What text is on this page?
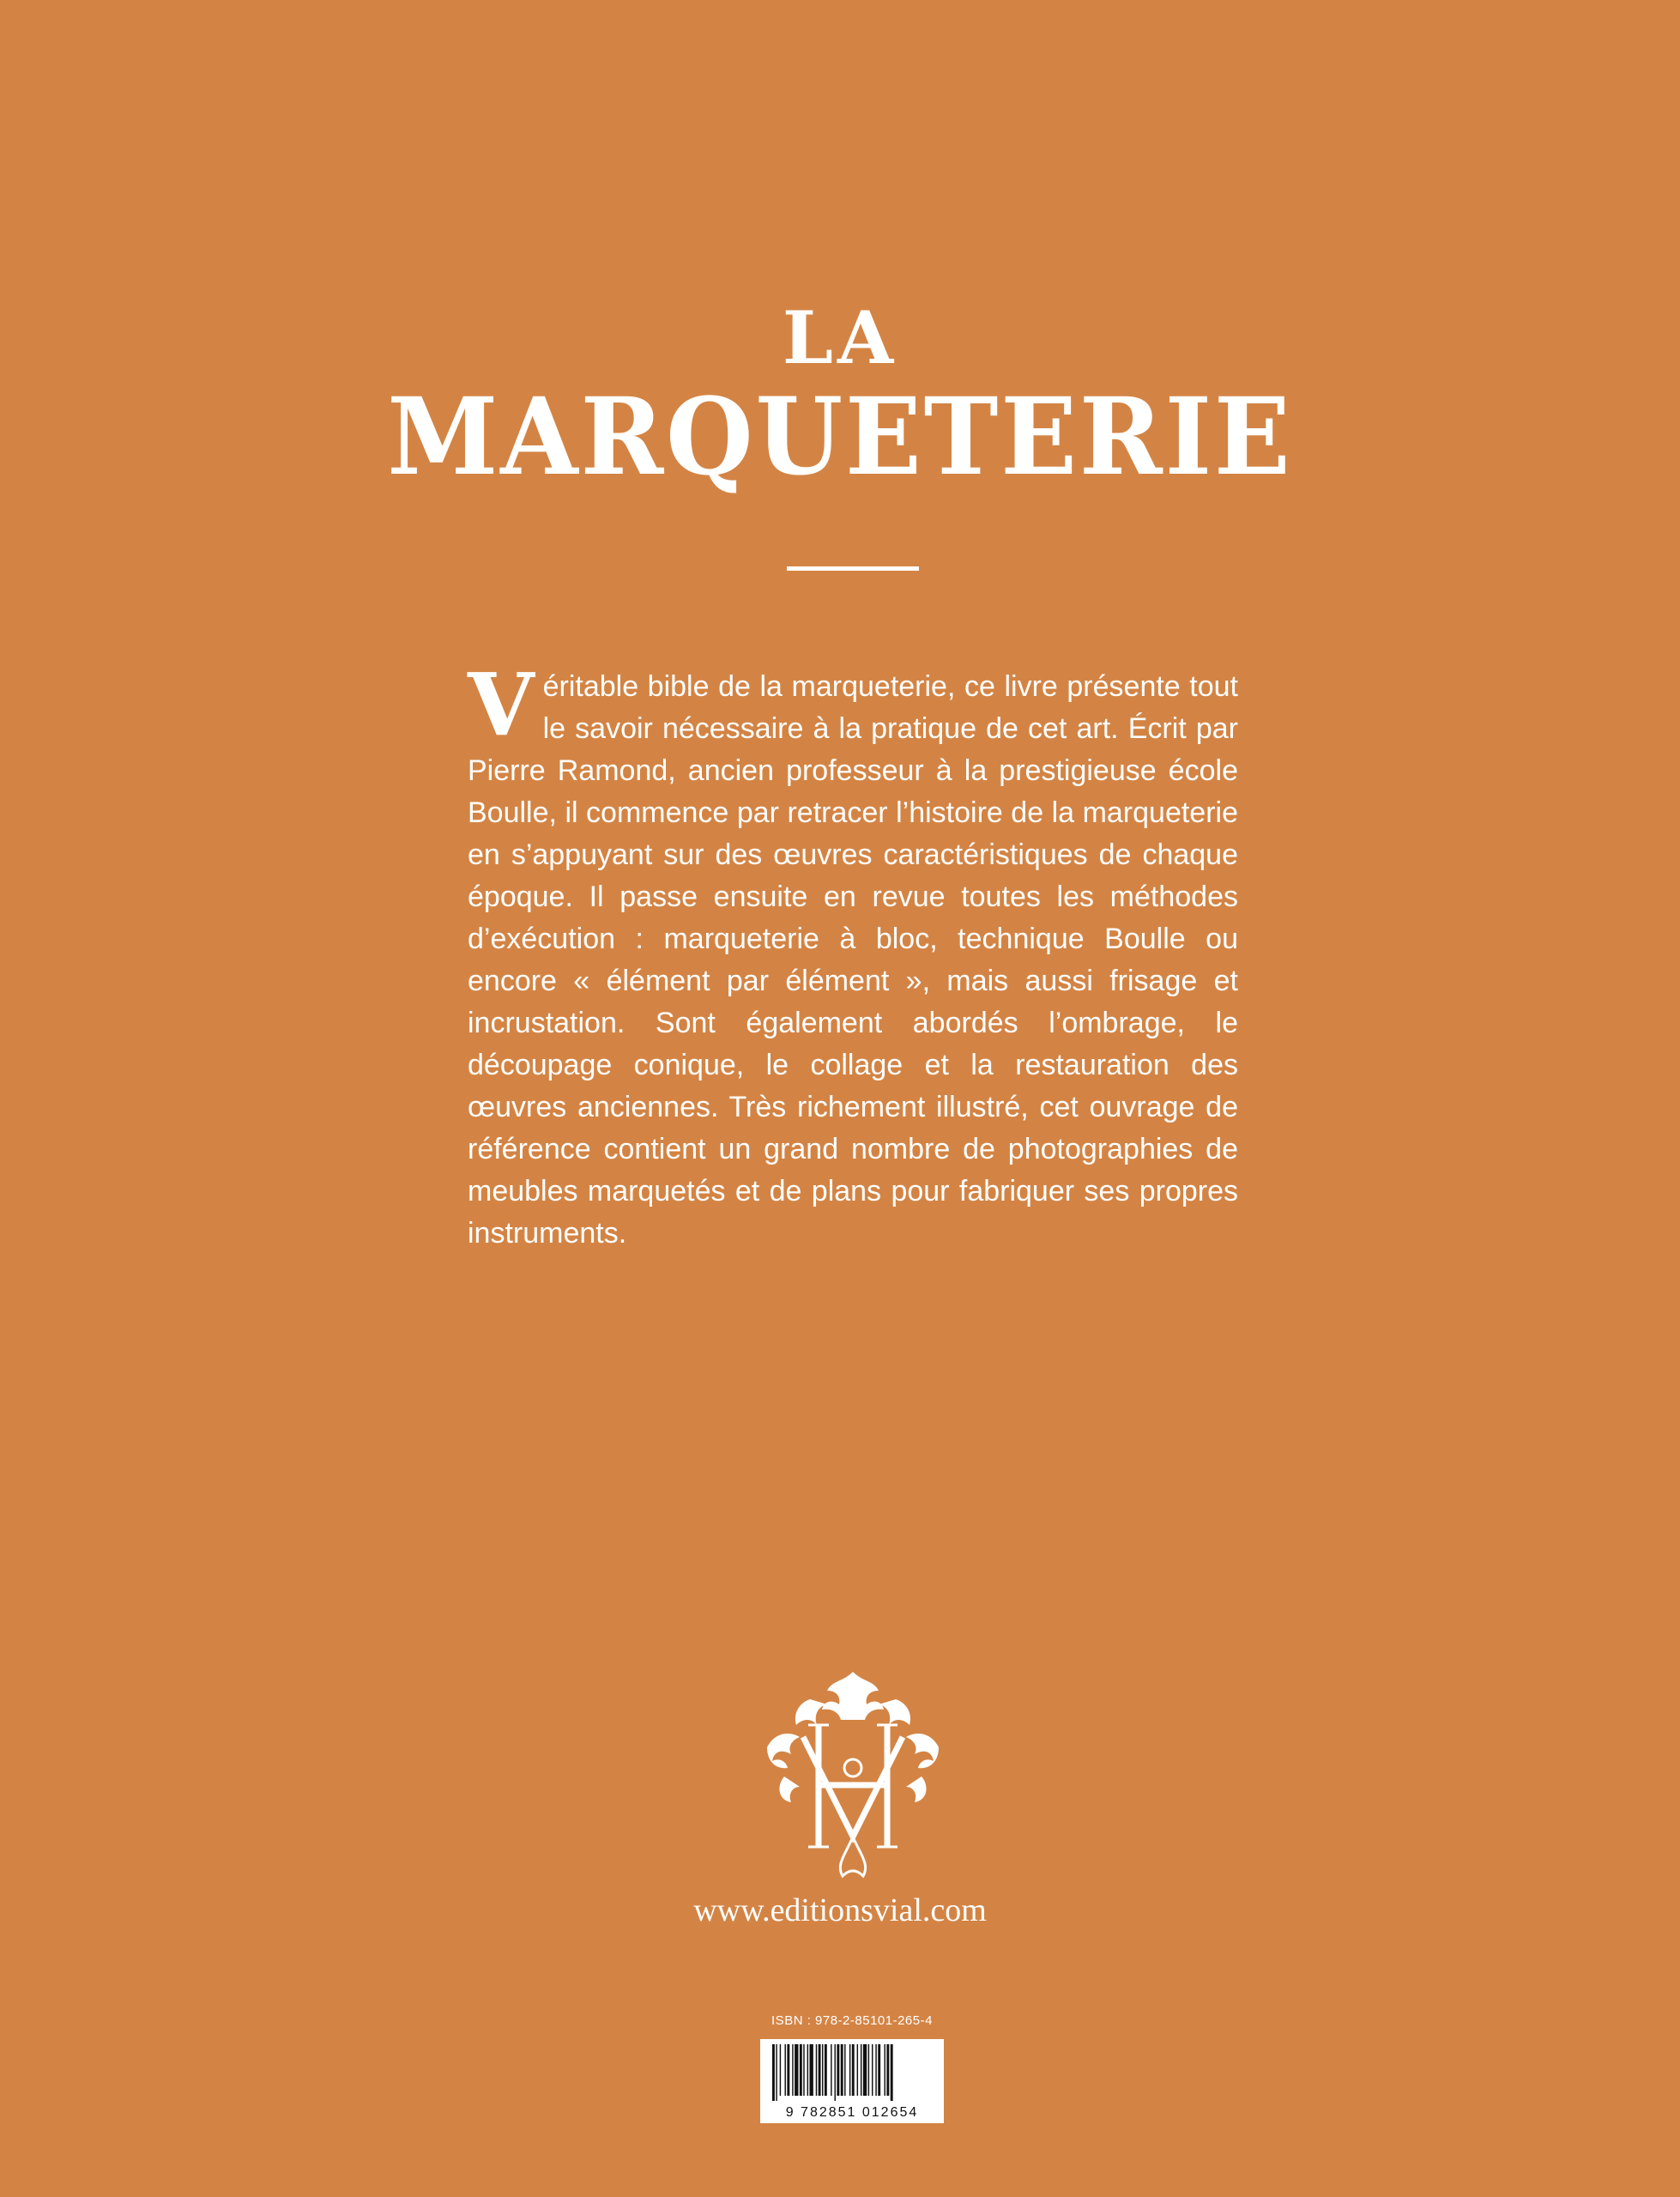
LA
MARQUETERIE
Véritable bible de la marqueterie, ce livre présente tout le savoir nécessaire à la pratique de cet art. Écrit par Pierre Ramond, ancien professeur à la prestigieuse école Boulle, il commence par retracer l’histoire de la marqueterie en s’appuyant sur des œuvres caractéristiques de chaque époque. Il passe ensuite en revue toutes les méthodes d’exécution : marqueterie à bloc, technique Boulle ou encore « élément par élément », mais aussi frisage et incrustation. Sont également abordés l’ombrage, le découpage conique, le collage et la restauration des œuvres anciennes. Très richement illustré, cet ouvrage de référence contient un grand nombre de photographies de meubles marquetés et de plans pour fabriquer ses propres instruments.
www.editionsvial.com
ISBN : 978-2-85101-265-4
9 782851 012654
